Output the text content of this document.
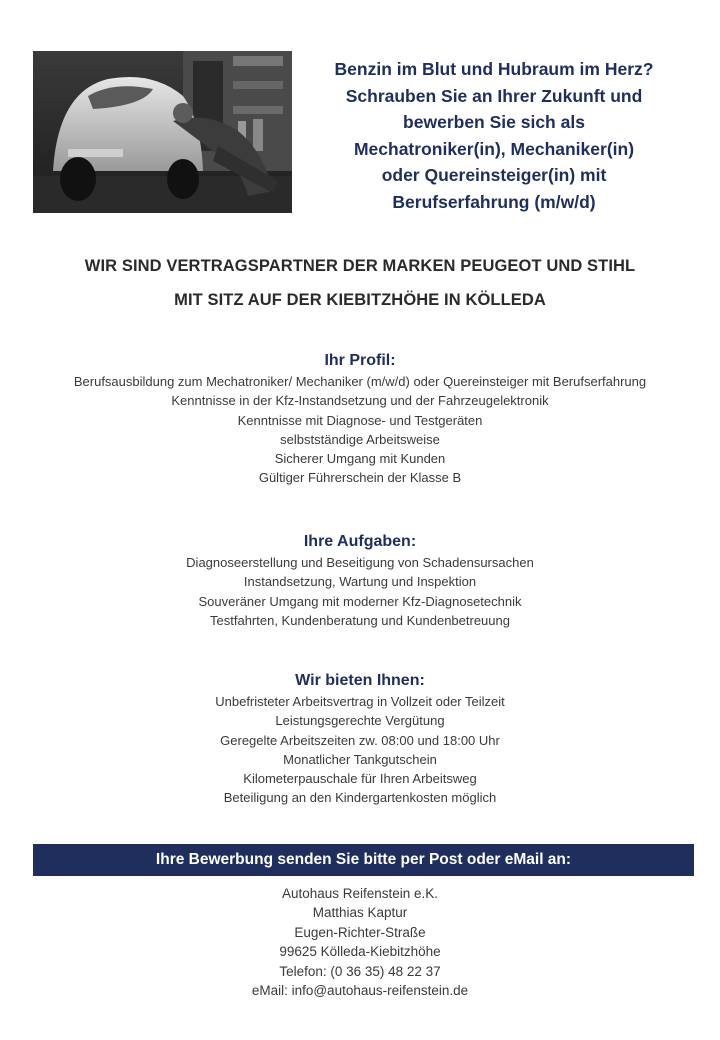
Benzin im Blut und Hubraum im Herz?
Schrauben Sie an Ihrer Zukunft und
bewerben Sie sich als
Mechatroniker(in), Mechaniker(in)
oder Quereinsteiger(in) mit
Berufserfahrung (m/w/d)
WIR SIND VERTRAGSPARTNER DER MARKEN PEUGEOT UND STIHL
MIT SITZ AUF DER KIEBITZHÖHE IN KÖLLEDA
Ihr Profil:
Berufsausbildung zum Mechatroniker/ Mechaniker (m/w/d) oder Quereinsteiger mit Berufserfahrung
Kenntnisse in der Kfz-Instandsetzung und der Fahrzeugelektronik
Kenntnisse mit Diagnose- und Testgeräten
selbstständige Arbeitsweise
Sicherer Umgang mit Kunden
Gültiger Führerschein der Klasse B
Ihre Aufgaben:
Diagnoseerstellung und Beseitigung von Schadensursachen
Instandsetzung, Wartung und Inspektion
Souveräner Umgang mit moderner Kfz-Diagnosetechnik
Testfahrten, Kundenberatung und Kundenbetreuung
Wir bieten Ihnen:
Unbefristeter Arbeitsvertrag in Vollzeit oder Teilzeit
Leistungsgerechte Vergütung
Geregelte Arbeitszeiten zw. 08:00 und 18:00 Uhr
Monatlicher Tankgutschein
Kilometerpauschale für Ihren Arbeitsweg
Beteiligung an den Kindergartenkosten möglich
Ihre Bewerbung senden Sie bitte per Post oder eMail an:
Autohaus Reifenstein e.K.
Matthias Kaptur
Eugen-Richter-Straße
99625 Kölleda-Kiebitzhöhe
Telefon: (0 36 35) 48 22 37
eMail: info@autohaus-reifenstein.de
